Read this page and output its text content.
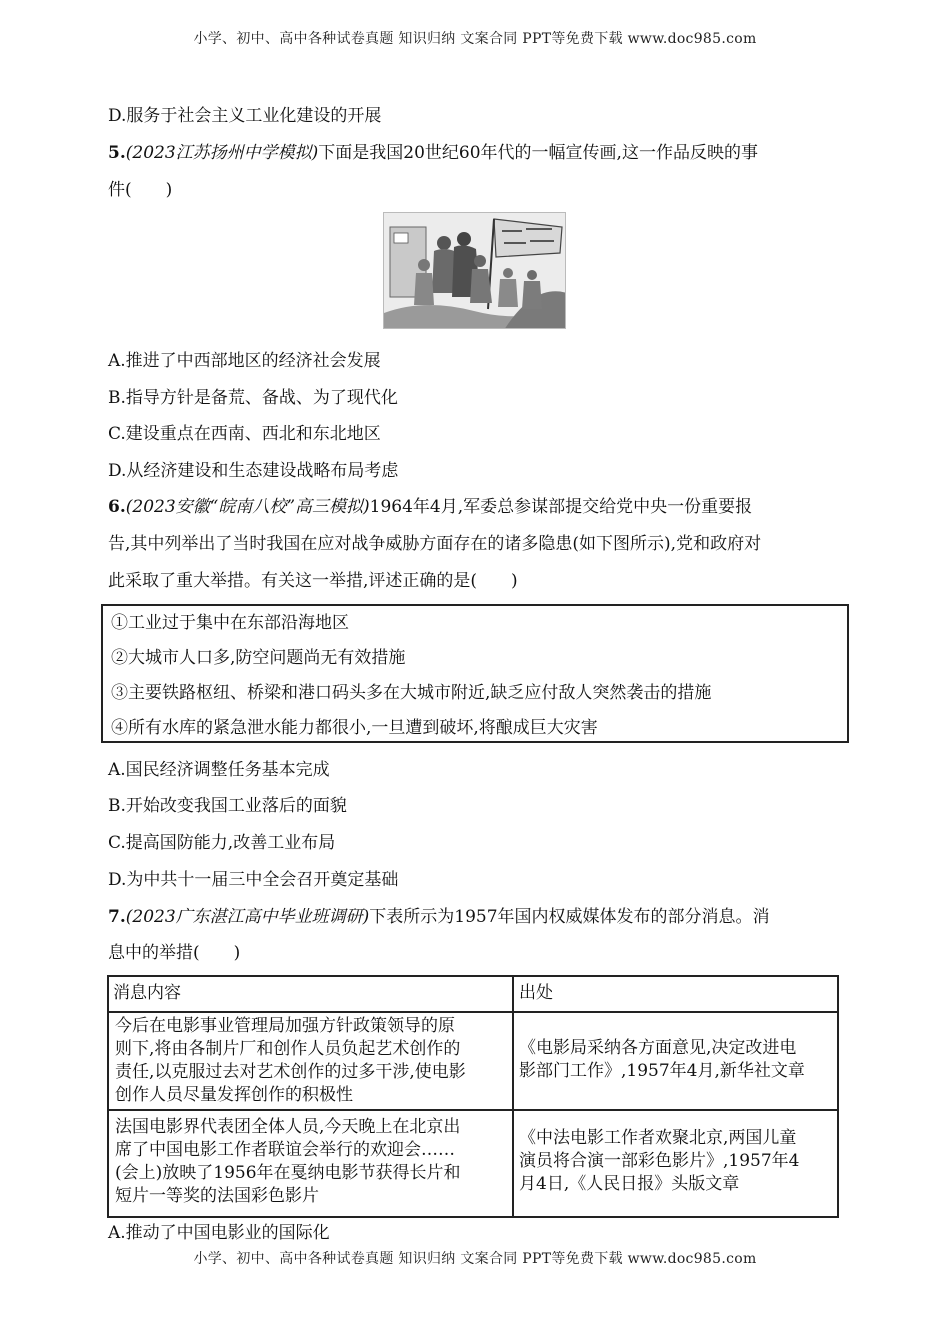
小学、初中、高中各种试卷真题 知识归纳 文案合同 PPT等免费下载 www.doc985.com
D.服务于社会主义工业化建设的开展
5.(2023江苏扬州中学模拟)下面是我国20世纪60年代的一幅宣传画,这一作品反映的事
件(　　)
A.推进了中西部地区的经济社会发展
B.指导方针是备荒、备战、为了现代化
C.建设重点在西南、西北和东北地区
D.从经济建设和生态建设战略布局考虑
6.(2023安徽“皖南八校”高三模拟)1964年4月,军委总参谋部提交给党中央一份重要报
告,其中列举出了当时我国在应对战争威胁方面存在的诸多隐患(如下图所示),党和政府对
此采取了重大举措。有关这一举措,评述正确的是(　　)
①工业过于集中在东部沿海地区
②大城市人口多,防空问题尚无有效措施
③主要铁路枢纽、桥梁和港口码头多在大城市附近,缺乏应付敌人突然袭击的措施
④所有水库的紧急泄水能力都很小,一旦遭到破坏,将酿成巨大灾害
A.国民经济调整任务基本完成
B.开始改变我国工业落后的面貌
C.提高国防能力,改善工业布局
D.为中共十一届三中全会召开奠定基础
7.(2023广东湛江高中毕业班调研)下表所示为1957年国内权威媒体发布的部分消息。消
息中的举措(　　)
消息内容	出处
今后在电影事业管理局加强方针政策领导的原
则下,将由各制片厂和创作人员负起艺术创作的
责任,以克服过去对艺术创作的过多干涉,使电影
创作人员尽量发挥创作的积极性
《电影局采纳各方面意见,决定改进电
影部门工作》,1957年4月,新华社文章
法国电影界代表团全体人员,今天晚上在北京出
席了中国电影工作者联谊会举行的欢迎会……
(会上)放映了1956年在戛纳电影节获得长片和
短片一等奖的法国彩色影片
《中法电影工作者欢聚北京,两国儿童
演员将合演一部彩色影片》,1957年4
月4日,《人民日报》头版文章
A.推动了中国电影业的国际化
小学、初中、高中各种试卷真题 知识归纳 文案合同 PPT等免费下载 www.doc985.com
